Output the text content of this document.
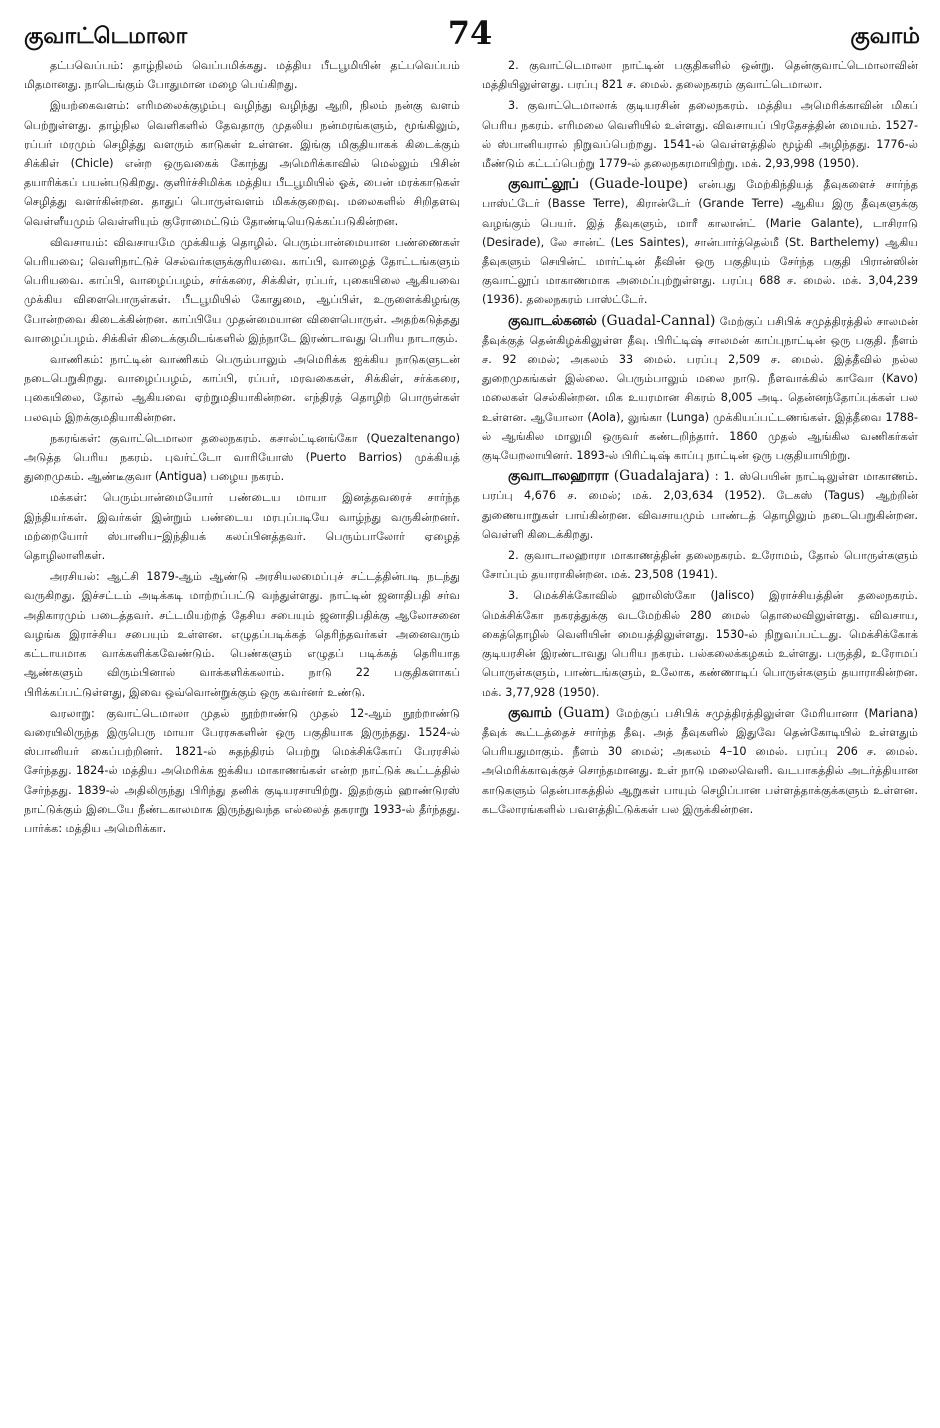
குவாட்டெமாலா	74	குவாம்

தட்பவெப்பம்: தாழ்நிலம் வெப்பமிக்கது. மத்திய பீடபூமியின் தட்பவெப்பம் மிதமானது. நாடெங்கும் போதுமான மழை பெய்கிறது.

இயற்கைவளம்: எரிமலைக்குழம்பு வழிந்து வழிந்து ஆறி, நிலம் நன்கு வளம் பெற்றுள்ளது. தாழ்நில வெளிகளில் தேவதாரு முதலிய நன்மரங்களும், மூங்கிலும், ரப்பர் மரமும் செழித்து வளரும் காடுகள் உள்ளன. இங்கு மிகுதியாகக் கிடைக்கும் சிக்கிள் (Chicle) என்ற ஒருவகைக் கோந்து அமெரிக்காவில் மெல்லும் பிசின் தயாரிக்கப் பயன்படுகிறது. குளிர்ச்சிமிக்க மத்திய பீடபூமியில் ஓக், பைன் மரக்காடுகள் செழித்து வளர்கின்றன. தாதுப் பொருள்வளம் மிகக்குறைவு. மலைகளில் சிறிதளவு வெள்ளீயமும் வெள்ளியும் குரோமைட்டும் தோண்டியெடுக்கப்படுகின்றன.

விவசாயம்: விவசாயமே முக்கியத் தொழில். பெரும்பான்மையான பண்ணைகள் பெரியவை; வெளிநாட்டுச் செல்வர்களுக்குரியவை. காப்பி, வாழைத் தோட்டங்களும் பெரியவை. காப்பி, வாழைப்பழம், சர்க்கரை, சிக்கிள், ரப்பர், புகையிலை ஆகியவை முக்கிய விளைபொருள்கள். பீடபூமியில் கோதுமை, ஆப்பிள், உருளைக்கிழங்கு போன்றவை கிடைக்கின்றன. காப்பியே முதன்மையான விளைபொருள். அதற்கடுத்தது வாழைப்பழம். சிக்கிள் கிடைக்குமிடங்களில் இந்நாடே இரண்டாவது பெரிய நாடாகும்.

வாணிகம்: நாட்டின் வாணிகம் பெரும்பாலும் அமெரிக்க ஐக்கிய நாடுகளுடன் நடைபெறுகிறது. வாழைப்பழம், காப்பி, ரப்பர், மரவகைகள், சிக்கிள், சர்க்கரை, புகையிலை, தோல் ஆகியவை ஏற்றுமதியாகின்றன. எந்திரத் தொழிற் பொருள்கள் பலவும் இறக்குமதியாகின்றன.

நகரங்கள்: குவாட்டெமாலா தலைநகரம். கசால்ட்டினங்கோ (Quezaltenango) அடுத்த பெரிய நகரம். புவர்ட்டோ வாரியோஸ் (Puerto Barrios) முக்கியத் துறைமுகம். ஆண்டீகுவா (Antigua) பழைய நகரம்.

மக்கள்: பெரும்பான்மையோர் பண்டைய மாயா இனத்தவரைச் சார்ந்த இந்தியர்கள். இவர்கள் இன்றும் பண்டைய மரபுப்படியே வாழ்ந்து வருகின்றனர். மற்றையோர் ஸ்பானிய–இந்தியக் கலப்பினத்தவர். பெரும்பாலோர் ஏழைத் தொழிலாளிகள்.

அரசியல்: ஆட்சி 1879-ஆம் ஆண்டு அரசியலமைப்புச் சட்டத்தின்படி நடந்து வருகிறது. இச்சட்டம் அடிக்கடி மாற்றப்பட்டு வந்துள்ளது. நாட்டின் ஜனாதிபதி சர்வ அதிகாரமும் படைத்தவர். சட்டமியற்றத் தேசிய சபையும் ஜனாதிபதிக்கு ஆலோசனை வழங்க இராச்சிய சபையும் உள்ளன. எழுதப்படிக்கத் தெரிந்தவர்கள் அனைவரும் கட்டாயமாக வாக்களிக்கவேண்டும். பெண்களும் எழுதப் படிக்கத் தெரியாத ஆண்களும் விரும்பினால் வாக்களிக்கலாம். நாடு 22 பகுதிகளாகப் பிரிக்கப்பட்டுள்ளது, இவை ஒவ்வொன்றுக்கும் ஒரு கவர்னர் உண்டு.

வரலாறு: குவாட்டெமாலா முதல் நூற்றாண்டு முதல் 12-ஆம் நூற்றாண்டு வரையிலிருந்த இருபெரு மாயா பேரரசுகளின் ஒரு பகுதியாக இருந்தது. 1524-ல் ஸ்பானியர் கைப்பற்றினர். 1821-ல் சுதந்திரம் பெற்று மெக்சிக்கோப் பேரரசில் சேர்ந்தது. 1824-ல் மத்திய அமெரிக்க ஐக்கிய மாகாணங்கள் என்ற நாட்டுக் கூட்டத்தில் சேர்ந்தது. 1839-ல் அதிலிருந்து பிரிந்து தனிக் குடியரசாயிற்று. இதற்கும் ஹாண்டுரஸ் நாட்டுக்கும் இடையே நீண்டகாலமாக இருந்துவந்த எல்லைத் தகராறு 1933-ல் தீர்ந்தது. பார்க்க: மத்திய அமெரிக்கா.

2. குவாட்டெமாலா நாட்டின் பகுதிகளில் ஒன்று. தென்குவாட்டெமாலாவின் மத்தியிலுள்ளது. பரப்பு 821 ச. மைல். தலைநகரம் குவாட்டெமாலா.

3. குவாட்டெமாலாக் குடியரசின் தலைநகரம். மத்திய அமெரிக்காவின் மிகப் பெரிய நகரம். எரிமலை வெளியில் உள்ளது. விவசாயப் பிரதேசத்தின் மையம். 1527-ல் ஸ்பானியரால் நிறுவப்பெற்றது. 1541-ல் வெள்ளத்தில் மூழ்கி அழிந்தது. 1776-ல் மீண்டும் கட்டப்பெற்று 1779-ல் தலைநகரமாயிற்று. மக். 2,93,998 (1950).

குவாட்லூப் (Guade-loupe) என்பது மேற்கிந்தியத் தீவுகளைச் சார்ந்த பாஸ்ட்டேர் (Basse Terre), கிரான்டேர் (Grande Terre) ஆகிய இரு தீவுகளுக்கு வழங்கும் பெயர். இத் தீவுகளும், மாரீ காலான்ட் (Marie Galante), டாசிராடு (Desirade), லே சான்ட் (Les Saintes), சான்பார்த்தெல்மீ (St. Barthelemy) ஆகிய தீவுகளும் செயின்ட் மார்ட்டின் தீவின் ஒரு பகுதியும் சேர்ந்த பகுதி பிரான்ஸின் குவாட்லூப் மாகாணமாக அமைப்புற்றுள்ளது. பரப்பு 688 ச. மைல். மக். 3,04,239 (1936). தலைநகரம் பாஸ்ட்டேர்.

குவாடல்கனல் (Guadal-Cannal) மேற்குப் பசிபிக் சமுத்திரத்தில் சாலமன் தீவுக்குத் தென்கிழக்கிலுள்ள தீவு. பிரிட்டிஷ் சாலமன் காப்புநாட்டின் ஒரு பகுதி. நீளம் ச. 92 மைல்; அகலம் 33 மைல். பரப்பு 2,509 ச. மைல். இத்தீவில் நல்ல துறைமுகங்கள் இல்லை. பெரும்பாலும் மலை நாடு. நீளவாக்கில் காவோ (Kavo) மலைகள் செல்கின்றன. மிக உயரமான சிகரம் 8,005 அடி. தென்னந்தோப்புக்கள் பல உள்ளன. ஆயோலா (Aola), லுங்கா (Lunga) முக்கியப்பட்டணங்கள். இத்தீவை 1788-ல் ஆங்கில மாலுமி ஒருவர் கண்டறிந்தார். 1860 முதல் ஆங்கில வணிகர்கள் குடியேறலாயினர். 1893-ல் பிரிட்டிஷ் காப்பு நாட்டின் ஒரு பகுதியாயிற்று.

குவாடாலஹாரா (Guadalajara) : 1. ஸ்பெயின் நாட்டிலுள்ள மாகாணம். பரப்பு 4,676 ச. மைல்; மக். 2,03,634 (1952). டேகஸ் (Tagus) ஆற்றின் துணையாறுகள் பாய்கின்றன. விவசாயமும் பாண்டத் தொழிலும் நடைபெறுகின்றன. வெள்ளி கிடைக்கிறது.

2. குவாடாலஹாரா மாகாணத்தின் தலைநகரம். உரோமம், தோல் பொருள்களும் சோப்பும் தயாராகின்றன. மக். 23,508 (1941).

3. மெக்சிக்கோவில் ஹாலிஸ்கோ (Jalisco) இராச்சியத்தின் தலைநகரம். மெக்சிக்கோ நகரத்துக்கு வடமேற்கில் 280 மைல் தொலைவிலுள்ளது. விவசாய, கைத்தொழில் வெளியின் மையத்திலுள்ளது. 1530-ல் நிறுவப்பட்டது. மெக்சிக்கோக் குடியரசின் இரண்டாவது பெரிய நகரம். பல்கலைக்கழகம் உள்ளது. பருத்தி, உரோமப் பொருள்களும், பாண்டங்களும், உலோக, கண்ணாடிப் பொருள்களும் தயாராகின்றன. மக். 3,77,928 (1950).

குவாம் (Guam) மேற்குப் பசிபிக் சமுத்திரத்திலுள்ள மேரியானா (Mariana) தீவுக் கூட்டத்தைச் சார்ந்த தீவு. அத் தீவுகளில் இதுவே தென்கோடியில் உள்ளதும் பெரியதுமாகும். நீளம் 30 மைல்; அகலம் 4–10 மைல். பரப்பு 206 ச. மைல். அமெரிக்காவுக்குச் சொந்தமானது. உள் நாடு மலைவெளி. வடபாகத்தில் அடர்த்தியான காடுகளும் தென்பாகத்தில் ஆறுகள் பாயும் செழிப்பான பள்ளத்தாக்குக்களும் உள்ளன. கடலோரங்களில் பவளத்திட்டுக்கள் பல இருக்கின்றன.
